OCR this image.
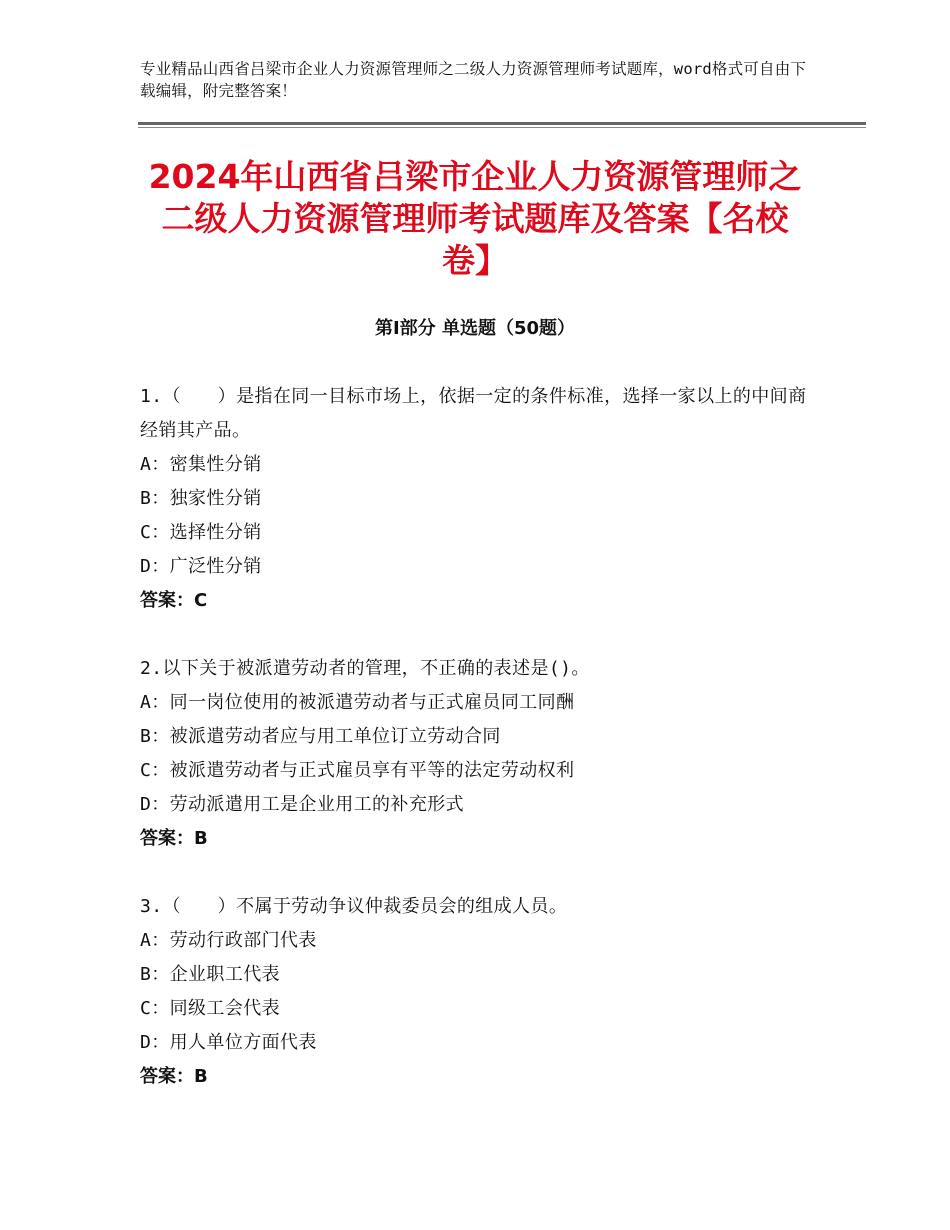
专业精品山西省吕梁市企业人力资源管理师之二级人力资源管理师考试题库，word格式可自由下载编辑，附完整答案！
2024年山西省吕梁市企业人力资源管理师之二级人力资源管理师考试题库及答案【名校卷】
第Ⅰ部分 单选题（50题）
1.（　　）是指在同一目标市场上，依据一定的条件标准，选择一家以上的中间商经销其产品。
A：密集性分销
B：独家性分销
C：选择性分销
D：广泛性分销
答案：C
2.以下关于被派遣劳动者的管理，不正确的表述是()。
A：同一岗位使用的被派遣劳动者与正式雇员同工同酬
B：被派遣劳动者应与用工单位订立劳动合同
C：被派遣劳动者与正式雇员享有平等的法定劳动权利
D：劳动派遣用工是企业用工的补充形式
答案：B
3.（　　）不属于劳动争议仲裁委员会的组成人员。
A：劳动行政部门代表
B：企业职工代表
C：同级工会代表
D：用人单位方面代表
答案：B
